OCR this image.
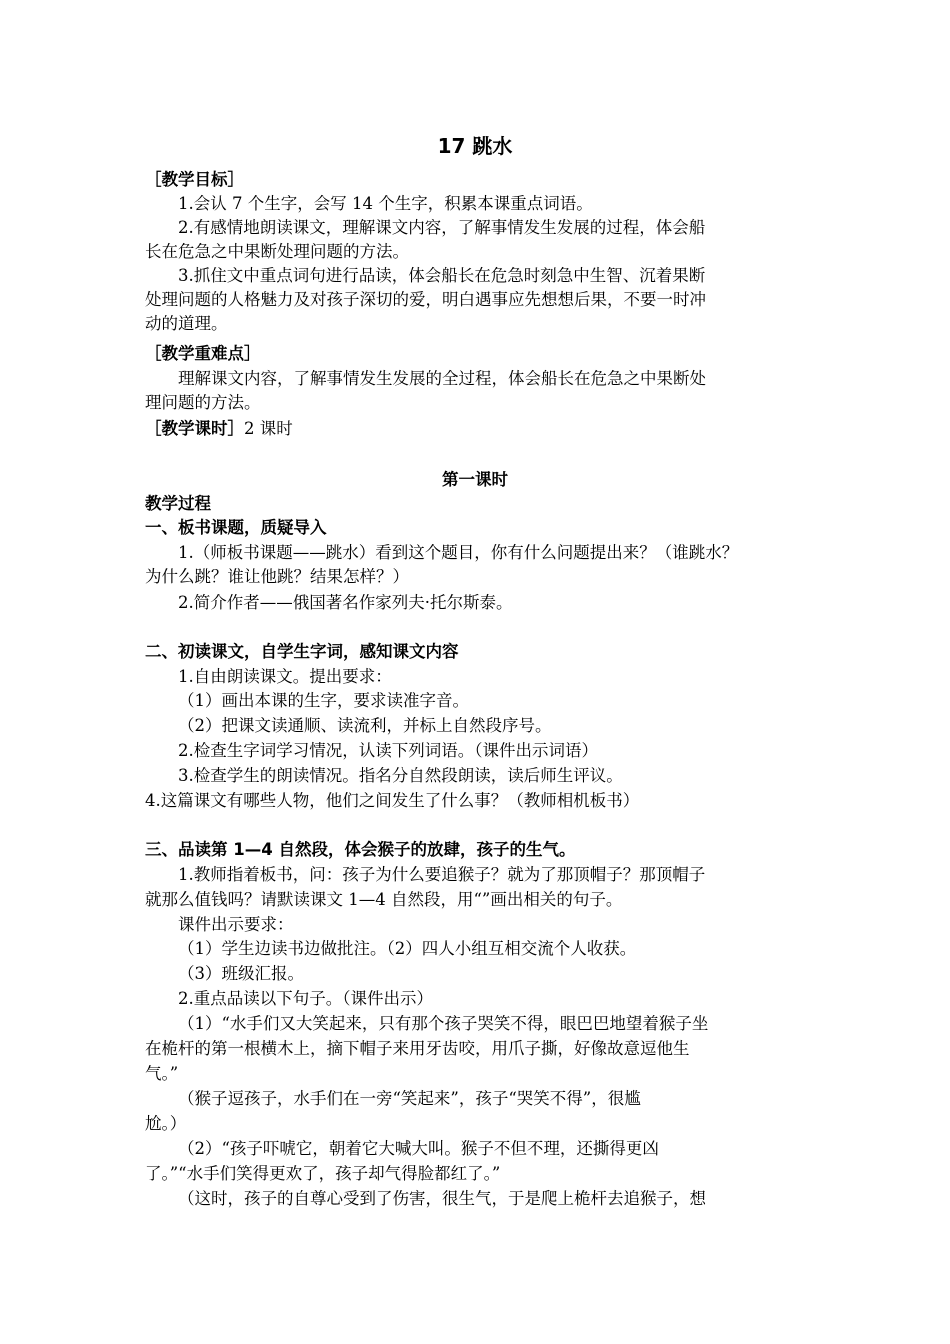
17 跳水
［教学目标］
1.会认 7 个生字，会写 14 个生字，积累本课重点词语。
2.有感情地朗读课文，理解课文内容，了解事情发生发展的过程，体会船
长在危急之中果断处理问题的方法。
3.抓住文中重点词句进行品读，体会船长在危急时刻急中生智、沉着果断
处理问题的人格魅力及对孩子深切的爱，明白遇事应先想想后果，不要一时冲
动的道理。
［教学重难点］
理解课文内容，了解事情发生发展的全过程，体会船长在危急之中果断处
理问题的方法。
［教学课时］2 课时
第一课时
教学过程
一、板书课题，质疑导入
1.（师板书课题——跳水）看到这个题目，你有什么问题提出来？（谁跳水？
为什么跳？谁让他跳？结果怎样？）
2.简介作者——俄国著名作家列夫·托尔斯泰。
二、初读课文，自学生字词，感知课文内容
1.自由朗读课文。提出要求：
（1）画出本课的生字，要求读准字音。
（2）把课文读通顺、读流利，并标上自然段序号。
2.检查生字词学习情况，认读下列词语。（课件出示词语）
3.检查学生的朗读情况。指名分自然段朗读，读后师生评议。
4.这篇课文有哪些人物，他们之间发生了什么事？（教师相机板书）
三、品读第 1—4 自然段，体会猴子的放肆，孩子的生气。
1.教师指着板书，问：孩子为什么要追猴子？就为了那顶帽子？那顶帽子
就那么值钱吗？请默读课文 1—4 自然段，用“”画出相关的句子。
课件出示要求：
（1）学生边读书边做批注。（2）四人小组互相交流个人收获。
（3）班级汇报。
2.重点品读以下句子。（课件出示）
（1）“水手们又大笑起来，只有那个孩子哭笑不得，眼巴巴地望着猴子坐
在桅杆的第一根横木上，摘下帽子来用牙齿咬，用爪子撕，好像故意逗他生
气。”
（猴子逗孩子，水手们在一旁“笑起来”，孩子“哭笑不得”，很尴
尬。）
（2）“孩子吓唬它，朝着它大喊大叫。猴子不但不理，还撕得更凶
了。”“水手们笑得更欢了，孩子却气得脸都红了。”
（这时，孩子的自尊心受到了伤害，很生气，于是爬上桅杆去追猴子，想
